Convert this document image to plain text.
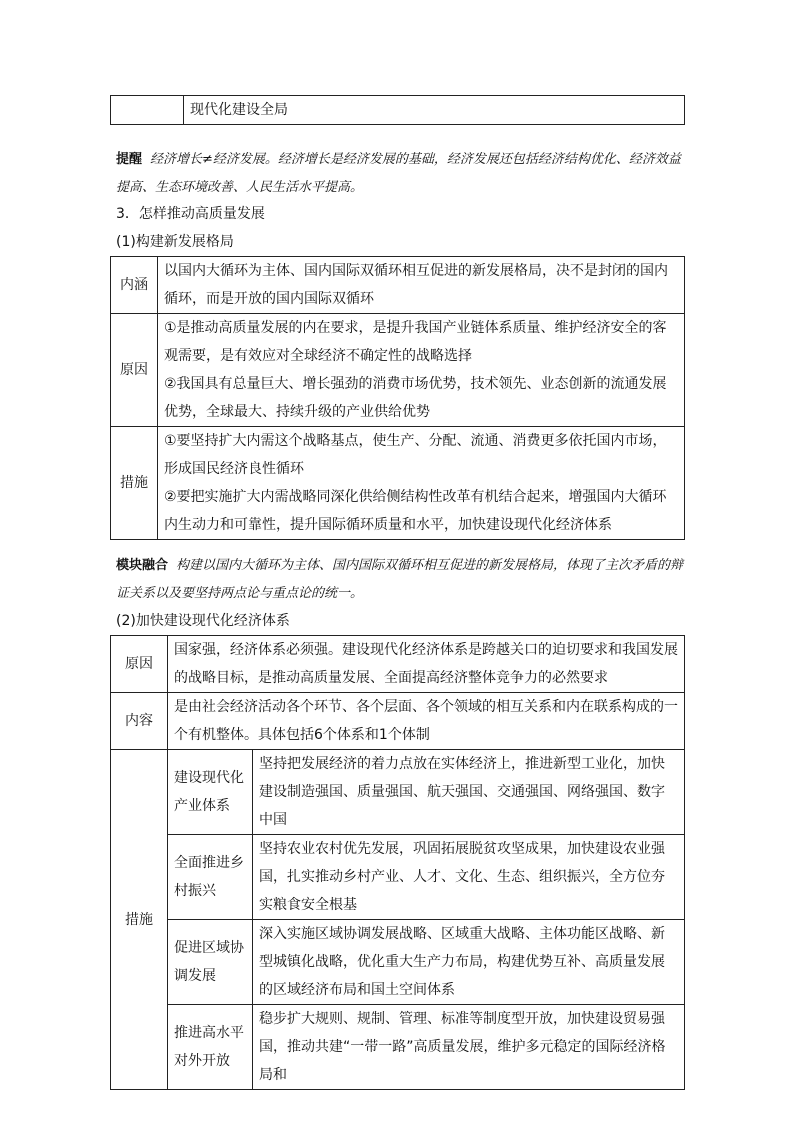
	现代化建设全局
提醒 经济增长≠经济发展。经济增长是经济发展的基础，经济发展还包括经济结构优化、经济效益提高、生态环境改善、人民生活水平提高。
3．怎样推动高质量发展
(1)构建新发展格局
内涵	以国内大循环为主体、国内国际双循环相互促进的新发展格局，决不是封闭的国内循环，而是开放的国内国际双循环
原因	①是推动高质量发展的内在要求，是提升我国产业链体系质量、维护经济安全的客观需要，是有效应对全球经济不确定性的战略选择
②我国具有总量巨大、增长强劲的消费市场优势，技术领先、业态创新的流通发展优势，全球最大、持续升级的产业供给优势

措施	①要坚持扩大内需这个战略基点，使生产、分配、流通、消费更多依托国内市场，形成国民经济良性循环
②要把实施扩大内需战略同深化供给侧结构性改革有机结合起来，增强国内大循环内生动力和可靠性，提升国际循环质量和水平，加快建设现代化经济体系
模块融合 构建以国内大循环为主体、国内国际双循环相互促进的新发展格局，体现了主次矛盾的辩证关系以及要坚持两点论与重点论的统一。
(2)加快建设现代化经济体系
原因	国家强，经济体系必须强。建设现代化经济体系是跨越关口的迫切要求和我国发展的战略目标，是推动高质量发展、全面提高经济整体竞争力的必然要求	
内容	是由社会经济活动各个环节、各个层面、各个领域的相互关系和内在联系构成的一个有机整体。具体包括6个体系和1个体制	
措施	建设现代化产业体系	坚持把发展经济的着力点放在实体经济上，推进新型工业化，加快建设制造强国、质量强国、航天强国、交通强国、网络强国、数字中国
	全面推进乡村振兴	坚持农业农村优先发展，巩固拓展脱贫攻坚成果，加快建设农业强国，扎实推动乡村产业、人才、文化、生态、组织振兴，全方位夯实粮食安全根基
	促进区域协调发展	深入实施区域协调发展战略、区域重大战略、主体功能区战略、新型城镇化战略，优化重大生产力布局，构建优势互补、高质量发展的区域经济布局和国土空间体系
	推进高水平对外开放	稳步扩大规则、规制、管理、标准等制度型开放，加快建设贸易强国，推动共建“一带一路”高质量发展，维护多元稳定的国际经济格局和
